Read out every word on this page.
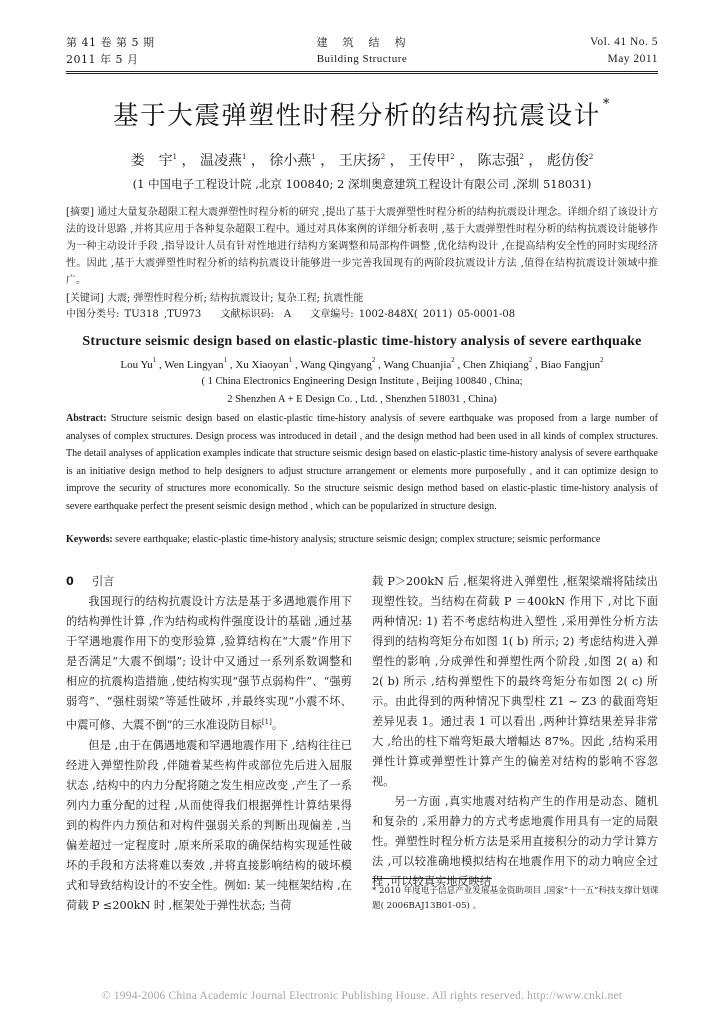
第 41 卷 第 5 期
2011 年 5 月
建　筑　结　构
Building Structure
Vol. 41 No. 5
May 2011
基于大震弹塑性时程分析的结构抗震设计 *
娄　宇$^1$ ， 温凌燕$^1$ ， 徐小燕$^1$ ， 王庆扬$^2$ ， 王传甲$^2$ ， 陈志强$^2$ ， 彪仿俊$^2$
(1 中国电子工程设计院 ,北京 100840; 2 深圳奥意建筑工程设计有限公司 ,深圳 518031)
[摘要] 通过大量复杂超限工程大震弹塑性时程分析的研究 ,提出了基于大震弹塑性时程分析的结构抗震设计理念。详细介绍了该设计方法的设计思路 ,并将其应用于各种复杂超限工程中。通过对具体案例的详细分析表明 ,基于大震弹塑性时程分析的结构抗震设计能够作为一种主动设计手段 ,指导设计人员有针对性地进行结构方案调整和局部构件调整 ,优化结构设计 ,在提高结构安全性的同时实现经济性。因此 ,基于大震弹塑性时程分析的结构抗震设计能够进一步完善我国现有的两阶段抗震设计方法 ,值得在结构抗震设计领域中推广。
[关键词] 大震; 弹塑性时程分析; 结构抗震设计; 复杂工程; 抗震性能
中图分类号: TU318 ,TU973 文献标识码:　A 文章编号: 1002-848X( 2011) 05-0001-08
Structure seismic design based on elastic-plastic time-history analysis of severe earthquake
Lou Yu$^1$ , Wen Lingyan$^1$ , Xu Xiaoyan$^1$ , Wang Qingyang$^2$ , Wang Chuanjia$^2$ , Chen Zhiqiang$^2$ , Biao Fangjun$^2$
( 1 China Electronics Engineering Design Institute , Beijing 100840 , China;
2 Shenzhen A + E Design Co. , Ltd. , Shenzhen 518031 , China)
Abstract: Structure seismic design based on elastic-plastic time-history analysis of severe earthquake was proposed from a large number of analyses of complex structures. Design process was introduced in detail , and the design method had been used in all kinds of complex structures. The detail analyses of application examples indicate that structure seismic design based on elastic-plastic time-history analysis of severe earthquake is an initiative design method to help designers to adjust structure arrangement or elements more purposefully , and it can optimize design to improve the security of structures more economically. So the structure seismic design method based on elastic-plastic time-history analysis of severe earthquake perfect the present seismic design method , which can be popularized in structure design.
Keywords: severe earthquake; elastic-plastic time-history analysis; structure seismic design; complex structure; seismic performance
0 引言

我国现行的结构抗震设计方法是基于多遇地震作用下的结构弹性计算 ,作为结构或构件强度设计的基础 ,通过基于罕遇地震作用下的变形验算 ,验算结构在“大震”作用下是否满足“大震不倒塌”; 设计中又通过一系列系数调整和相应的抗震构造措施 ,使结构实现“强节点弱构件”、“强剪弱弯”、“强柱弱梁”等延性破坏 ,并最终实现“小震不坏、中震可修、大震不倒”的三水准设防目标[1]。

但是 ,由于在偶遇地震和罕遇地震作用下 ,结构往往已经进入弹塑性阶段 ,伴随着某些构件或部位先后进入屈服状态 ,结构中的内力分配将随之发生相应改变 ,产生了一系列内力重分配的过程 ,从而使得我们根据弹性计算结果得到的构件内力预估和对构件强弱关系的判断出现偏差 ,当偏差超过一定程度时 ,原来所采取的确保结构实现延性破坏的手段和方法将难以奏效 ,并将直接影响结构的破坏模式和导致结构设计的不安全性。例如: 某一纯框架结构 ,在荷载 P ≤200kN 时 ,框架处于弹性状态; 当荷

载 P＞200kN 后 ,框架将进入弹塑性 ,框架梁端将陆续出现塑性铰。当结构在荷载 P ＝400kN 作用下 ,对比下面两种情况: 1) 若不考虑结构进入塑性 ,采用弹性分析方法得到的结构弯矩分布如图 1( b) 所示; 2) 考虑结构进入弹塑性的影响 ,分成弹性和弹塑性两个阶段 ,如图 2( a) 和 2( b) 所示 ,结构弹塑性下的最终弯矩分布如图 2( c) 所示。由此得到的两种情况下典型柱 Z1 ~ Z3 的截面弯矩差异见表 1。通过表 1 可以看出 ,两种计算结果差异非常大 ,给出的柱下端弯矩最大增幅达 87%。因此 ,结构采用弹性计算或弹塑性计算产生的偏差对结构的影响不容忽视。

另一方面 ,真实地震对结构产生的作用是动态、随机和复杂的 ,采用静力的方式考虑地震作用具有一定的局限性。弹塑性时程分析方法是采用直接积分的动力学计算方法 ,可以较准确地模拟结构在地震作用下的动力响应全过程 ,可以较真实地反映结

* 2010 年度电子信息产业发展基金资助项目 ,国家“十一五”科技支撑计划课题( 2006BAJ13B01-05) 。
© 1994-2006 China Academic Journal Electronic Publishing House. All rights reserved. http://www.cnki.net
